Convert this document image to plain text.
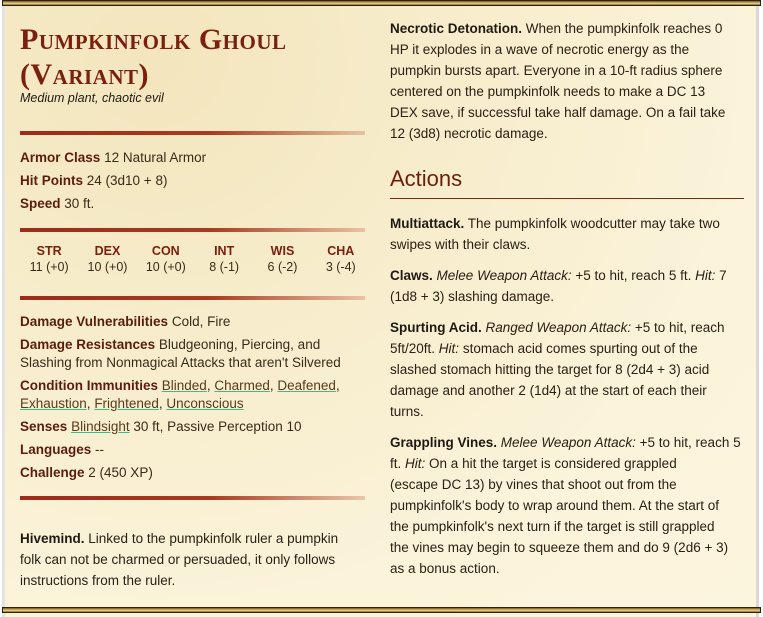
Pumpkinfolk Ghoul (Variant)
Medium plant, chaotic evil
Armor Class 12 Natural Armor
Hit Points 24 (3d10 + 8)
Speed 30 ft.
STR
11 (+0)
DEX
10 (+0)
CON
10 (+0)
INT
8 (-1)
WIS
6 (-2)
CHA
3 (-4)
Damage Vulnerabilities Cold, Fire
Damage Resistances Bludgeoning, Piercing, and
Slashing from Nonmagical Attacks that aren't Silvered
Condition Immunities Blinded, Charmed, Deafened,
Exhaustion, Frightened, Unconscious
Senses Blindsight 30 ft, Passive Perception 10
Languages --
Challenge 2 (450 XP)
Hivemind. Linked to the pumpkinfolk ruler a pumpkin
folk can not be charmed or persuaded, it only follows
instructions from the ruler.
Necrotic Detonation. When the pumpkinfolk reaches 0
HP it explodes in a wave of necrotic energy as the
pumpkin bursts apart. Everyone in a 10-ft radius sphere
centered on the pumpkinfolk needs to make a DC 13
DEX save, if successful take half damage. On a fail take
12 (3d8) necrotic damage.
Actions
Multiattack. The pumpkinfolk woodcutter may take two
swipes with their claws.
Claws. Melee Weapon Attack: +5 to hit, reach 5 ft. Hit: 7
(1d8 + 3) slashing damage.
Spurting Acid. Ranged Weapon Attack: +5 to hit, reach
5ft/20ft. Hit: stomach acid comes spurting out of the
slashed stomach hitting the target for 8 (2d4 + 3) acid
damage and another 2 (1d4) at the start of each their
turns.
Grappling Vines. Melee Weapon Attack: +5 to hit, reach 5
ft. Hit: On a hit the target is considered grappled
(escape DC 13) by vines that shoot out from the
pumpkinfolk's body to wrap around them. At the start of
the pumpkinfolk's next turn if the target is still grappled
the vines may begin to squeeze them and do 9 (2d6 + 3)
as a bonus action.
